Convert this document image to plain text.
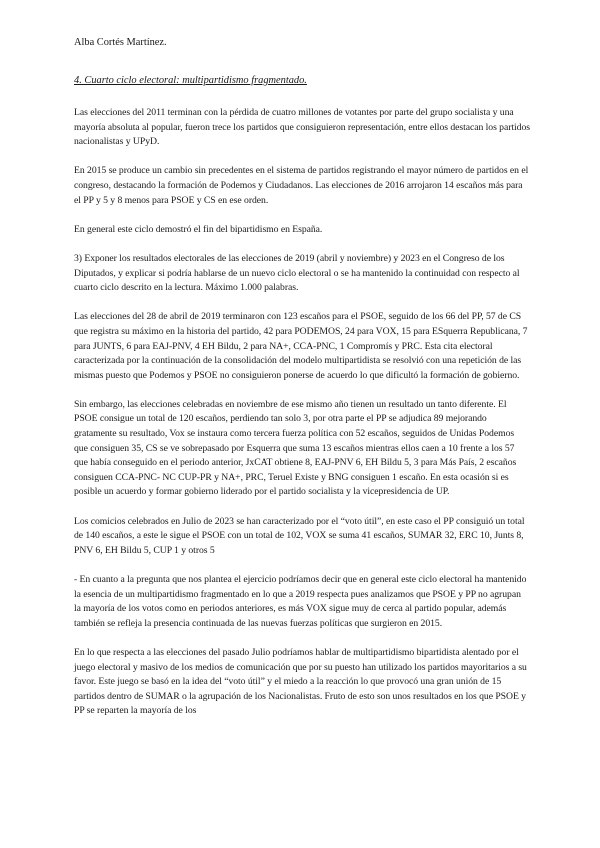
Alba Cortés Martínez.
4. Cuarto ciclo electoral: multipartidismo fragmentado.

Las elecciones del 2011 terminan con la pérdida de cuatro millones de votantes por parte del grupo socialista y una mayoría absoluta al popular, fueron trece los partidos que consiguieron representación, entre ellos destacan los partidos nacionalistas y UPyD.

En 2015 se produce un cambio sin precedentes en el sistema de partidos registrando el mayor número de partidos en el congreso, destacando la formación de Podemos y Ciudadanos. Las elecciones de 2016 arrojaron 14 escaños más para el PP y 5 y 8 menos para PSOE y CS en ese orden.

En general este ciclo demostró el fin del bipartidismo en España.

3) Exponer los resultados electorales de las elecciones de 2019 (abril y noviembre) y 2023 en el Congreso de los Diputados, y explicar si podría hablarse de un nuevo ciclo electoral o se ha mantenido la continuidad con respecto al cuarto ciclo descrito en la lectura. Máximo 1.000 palabras.

Las elecciones del 28 de abril de 2019 terminaron con 123 escaños para el PSOE, seguido de los 66 del PP, 57 de CS que registra su máximo en la historia del partido, 42 para PODEMOS, 24 para VOX, 15 para ESquerra Republicana, 7 para JUNTS, 6 para EAJ-PNV, 4 EH Bildu, 2 para NA+, CCA-PNC, 1 Compromís y PRC. Esta cita electoral caracterizada por la continuación de la consolidación del modelo multipartidista se resolvió con una repetición de las mismas puesto que Podemos y PSOE no consiguieron ponerse de acuerdo lo que dificultó la formación de gobierno.

Sin embargo, las elecciones celebradas en noviembre de ese mismo año tienen un resultado un tanto diferente. El PSOE consigue un total de 120 escaños, perdiendo tan solo 3, por otra parte el PP se adjudica 89 mejorando gratamente su resultado, Vox se instaura como tercera fuerza política con 52 escaños, seguidos de Unidas Podemos que consiguen 35, CS se ve sobrepasado por Esquerra que suma 13 escaños mientras ellos caen a 10 frente a los 57 que había conseguido en el periodo anterior, JxCAT obtiene 8, EAJ-PNV 6, EH Bildu 5, 3 para Más País, 2 escaños consiguen CCA-PNC- NC CUP-PR y NA+, PRC, Teruel Existe y BNG consiguen 1 escaño. En esta ocasión si es posible un acuerdo y formar gobierno liderado por el partido socialista y la vicepresidencia de UP.

Los comicios celebrados en Julio de 2023 se han caracterizado por el “voto útil”, en este caso el PP consiguió un total de 140 escaños, a este le sigue el PSOE con un total de 102, VOX se suma 41 escaños, SUMAR 32, ERC 10, Junts 8, PNV 6, EH Bildu 5, CUP 1 y otros 5

- En cuanto a la pregunta que nos plantea el ejercicio podríamos decir que en general este ciclo electoral ha mantenido la esencia de un multipartidismo fragmentado en lo que a 2019 respecta pues analizamos que PSOE y PP no agrupan la mayoría de los votos como en periodos anteriores, es más VOX sigue muy de cerca al partido popular, además también se refleja la presencia continuada de las nuevas fuerzas políticas que surgieron en 2015.

En lo que respecta a las elecciones del pasado Julio podríamos hablar de multipartidismo bipartidista alentado por el juego electoral y masivo de los medios de comunicación que por su puesto han utilizado los partidos mayoritarios a su favor. Este juego se basó en la idea del “voto útil” y el miedo a la reacción lo que provocó una gran unión de 15 partidos dentro de SUMAR o la agrupación de los Nacionalistas. Fruto de esto son unos resultados en los que PSOE y PP se reparten la mayoría de los
